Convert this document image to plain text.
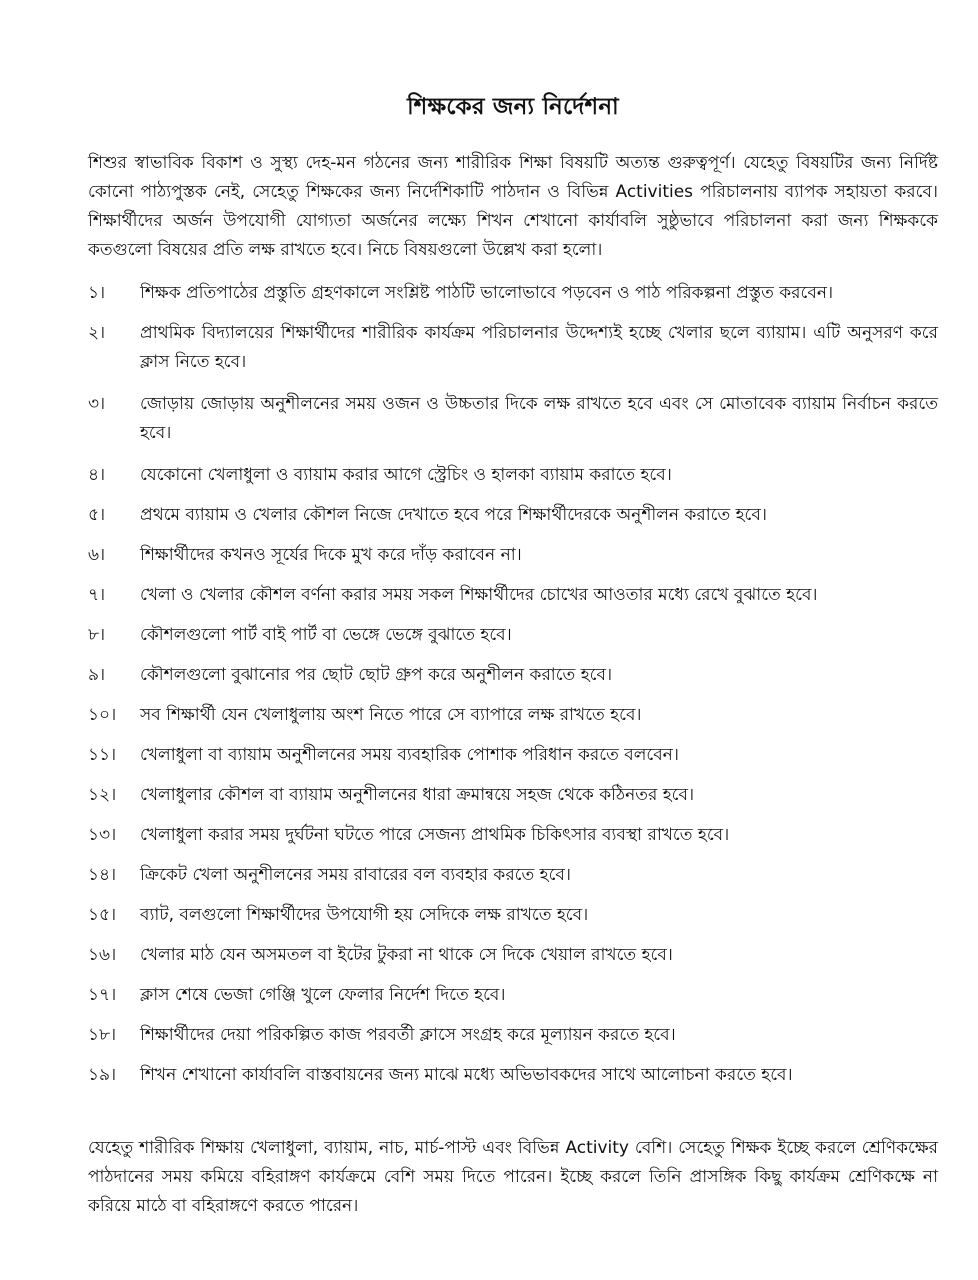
শিক্ষকের জন্য নির্দেশনা

শিশুর স্বাভাবিক বিকাশ ও সুস্থ্য দেহ-মন গঠনের জন্য শারীরিক শিক্ষা বিষয়টি অত্যন্ত গুরুত্বপূর্ণ। যেহেতু বিষয়টির জন্য নির্দিষ্ট কোনো পাঠ্যপুস্তক নেই, সেহেতু শিক্ষকের জন্য নির্দেশিকাটি পাঠদান ও বিভিন্ন Activities পরিচালনায় ব্যাপক সহায়তা করবে। শিক্ষার্থীদের অর্জন উপযোগী যোগ্যতা অর্জনের লক্ষ্যে শিখন শেখানো কার্যাবলি সুষ্ঠুভাবে পরিচালনা করা জন্য শিক্ষককে কতগুলো বিষয়ের প্রতি লক্ষ রাখতে হবে। নিচে বিষয়গুলো উল্লেখ করা হলো।

১।	শিক্ষক প্রতিপাঠের প্রস্তুতি গ্রহণকালে সংশ্লিষ্ট পাঠটি ভালোভাবে পড়বেন ও পাঠ পরিকল্পনা প্রস্তুত করবেন।
২।	প্রাথমিক বিদ্যালয়ের শিক্ষার্থীদের শারীরিক কার্যক্রম পরিচালনার উদ্দেশ্যই হচ্ছে খেলার ছলে ব্যায়াম। এটি অনুসরণ করে ক্লাস নিতে হবে।
৩।	জোড়ায় জোড়ায় অনুশীলনের সময় ওজন ও উচ্চতার দিকে লক্ষ রাখতে হবে এবং সে মোতাবেক ব্যায়াম নির্বাচন করতে হবে।
৪।	যেকোনো খেলাধুলা ও ব্যায়াম করার আগে স্ট্রেচিং ও হালকা ব্যায়াম করাতে হবে।
৫।	প্রথমে ব্যায়াম ও খেলার কৌশল নিজে দেখাতে হবে পরে শিক্ষার্থীদেরকে অনুশীলন করাতে হবে।
৬।	শিক্ষার্থীদের কখনও সূর্যের দিকে মুখ করে দাঁড় করাবেন না।
৭।	খেলা ও খেলার কৌশল বর্ণনা করার সময় সকল শিক্ষার্থীদের চোখের আওতার মধ্যে রেখে বুঝাতে হবে।
৮।	কৌশলগুলো পার্ট বাই পার্ট বা ভেঙ্গে ভেঙ্গে বুঝাতে হবে।
৯।	কৌশলগুলো বুঝানোর পর ছোট ছোট গ্রুপ করে অনুশীলন করাতে হবে।
১০।	সব শিক্ষার্থী যেন খেলাধুলায় অংশ নিতে পারে সে ব্যাপারে লক্ষ রাখতে হবে।
১১।	খেলাধুলা বা ব্যায়াম অনুশীলনের সময় ব্যবহারিক পোশাক পরিধান করতে বলবেন।
১২।	খেলাধুলার কৌশল বা ব্যায়াম অনুশীলনের ধারা ক্রমান্বয়ে সহজ থেকে কঠিনতর হবে।
১৩।	খেলাধুলা করার সময় দুর্ঘটনা ঘটতে পারে সেজন্য প্রাথমিক চিকিৎসার ব্যবস্থা রাখতে হবে।
১৪।	ক্রিকেট খেলা অনুশীলনের সময় রাবারের বল ব্যবহার করতে হবে।
১৫।	ব্যাট, বলগুলো শিক্ষার্থীদের উপযোগী হয় সেদিকে লক্ষ রাখতে হবে।
১৬।	খেলার মাঠ যেন অসমতল বা ইটের টুকরা না থাকে সে দিকে খেয়াল রাখতে হবে।
১৭।	ক্লাস শেষে ভেজা গেঞ্জি খুলে ফেলার নির্দেশ দিতে হবে।
১৮।	শিক্ষার্থীদের দেয়া পরিকল্পিত কাজ পরবর্তী ক্লাসে সংগ্রহ করে মূল্যায়ন করতে হবে।
১৯।	শিখন শেখানো কার্যাবলি বাস্তবায়নের জন্য মাঝে মধ্যে অভিভাবকদের সাথে আলোচনা করতে হবে।

যেহেতু শারীরিক শিক্ষায় খেলাধুলা, ব্যায়াম, নাচ, মার্চ-পাস্ট এবং বিভিন্ন Activity বেশি। সেহেতু শিক্ষক ইচ্ছে করলে শ্রেণিকক্ষের পাঠদানের সময় কমিয়ে বহিরাঙ্গণ কার্যক্রমে বেশি সময় দিতে পারেন। ইচ্ছে করলে তিনি প্রাসঙ্গিক কিছু কার্যক্রম শ্রেণিকক্ষে না করিয়ে মাঠে বা বহিরাঙ্গণে করতে পারেন।
